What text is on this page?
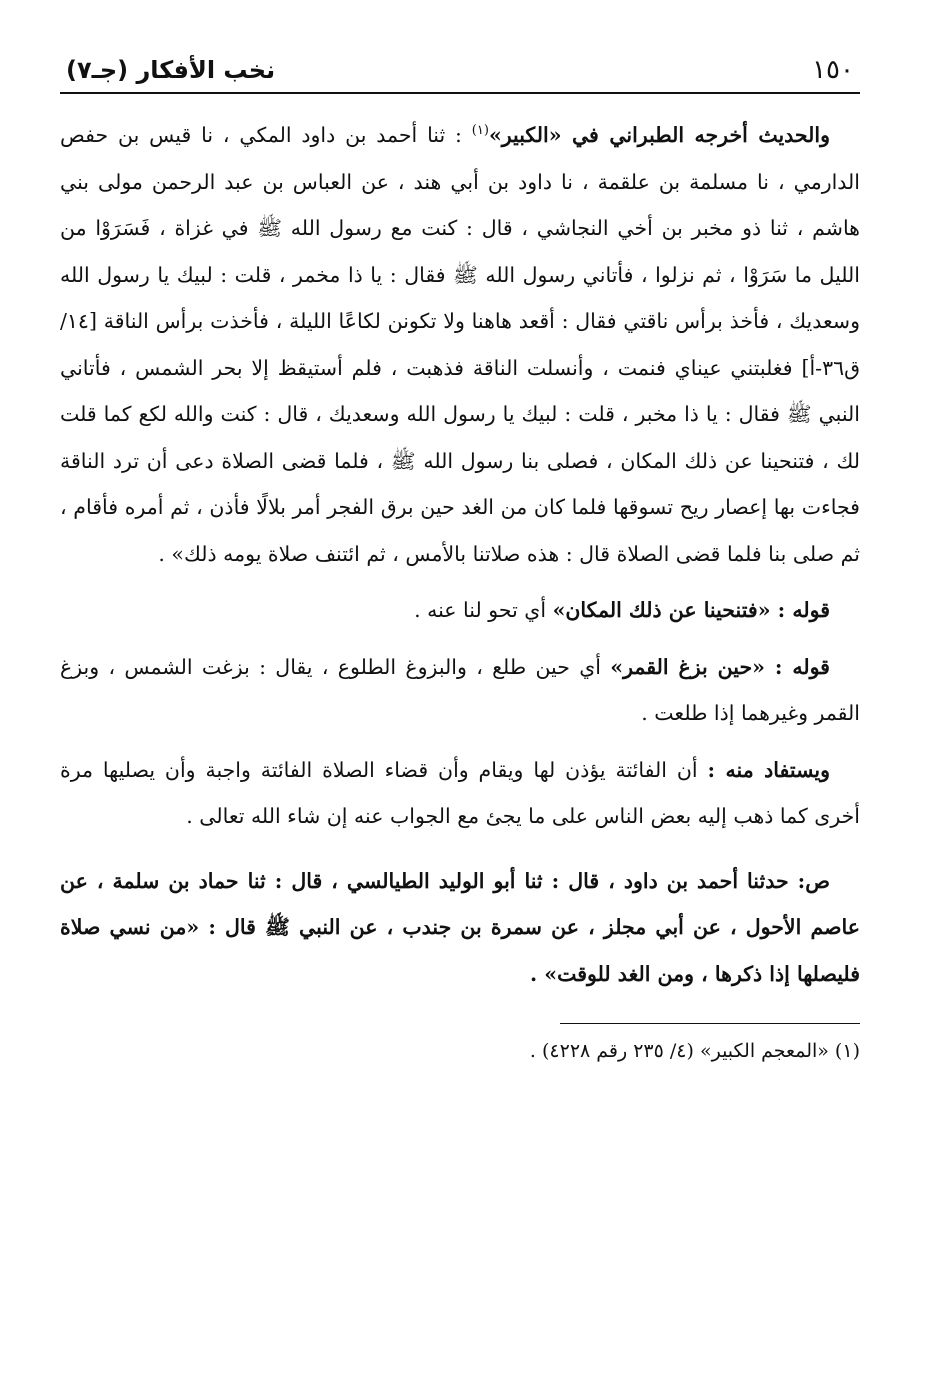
١٥٠
نخب الأفكار (جـ٧)

والحديث أخرجه الطبراني في «الكبير»$^{(١)}$ : ثنا أحمد بن داود المكي ، نا قيس بن حفص الدارمي ، نا مسلمة بن علقمة ، نا داود بن أبي هند ، عن العباس بن عبد الرحمن مولى بني هاشم ، ثنا ذو مخبر بن أخي النجاشي ، قال : كنت مع رسول الله ﷺ في غزاة ، فَسَرَوْا من الليل ما سَرَوْا ، ثم نزلوا ، فأتاني رسول الله ﷺ فقال : يا ذا مخمر ، قلت : لبيك يا رسول الله وسعديك ، فأخذ برأس ناقتي فقال : أقعد هاهنا ولا تكونن لكاعًا الليلة ، فأخذت برأس الناقة [١٤/ق٣٦-أ] فغلبتني عيناي فنمت ، وأنسلت الناقة فذهبت ، فلم أستيقظ إلا بحر الشمس ، فأتاني النبي ﷺ فقال : يا ذا مخبر ، قلت : لبيك يا رسول الله وسعديك ، قال : كنت والله لكع كما قلت لك ، فتنحينا عن ذلك المكان ، فصلى بنا رسول الله ﷺ ، فلما قضى الصلاة دعى أن ترد الناقة فجاءت بها إعصار ريح تسوقها فلما كان من الغد حين برق الفجر أمر بلالًا فأذن ، ثم أمره فأقام ، ثم صلى بنا فلما قضى الصلاة قال : هذه صلاتنا بالأمس ، ثم ائتنف صلاة يومه ذلك» .

قوله : «فتنحينا عن ذلك المكان» أي تحو لنا عنه .

قوله : «حين بزغ القمر» أي حين طلع ، والبزوغ الطلوع ، يقال : بزغت الشمس ، وبزغ القمر وغيرهما إذا طلعت .

ويستفاد منه : أن الفائتة يؤذن لها ويقام وأن قضاء الصلاة الفائتة واجبة وأن يصليها مرة أخرى كما ذهب إليه بعض الناس على ما يجئ مع الجواب عنه إن شاء الله تعالى .

ص: حدثنا أحمد بن داود ، قال : ثنا أبو الوليد الطيالسي ، قال : ثنا حماد بن سلمة ، عن عاصم الأحول ، عن أبي مجلز ، عن سمرة بن جندب ، عن النبي ﷺ قال : «من نسي صلاة فليصلها إذا ذكرها ، ومن الغد للوقت» .

(١) «المعجم الكبير» (٤/ ٢٣٥ رقم ٤٢٢٨) .
